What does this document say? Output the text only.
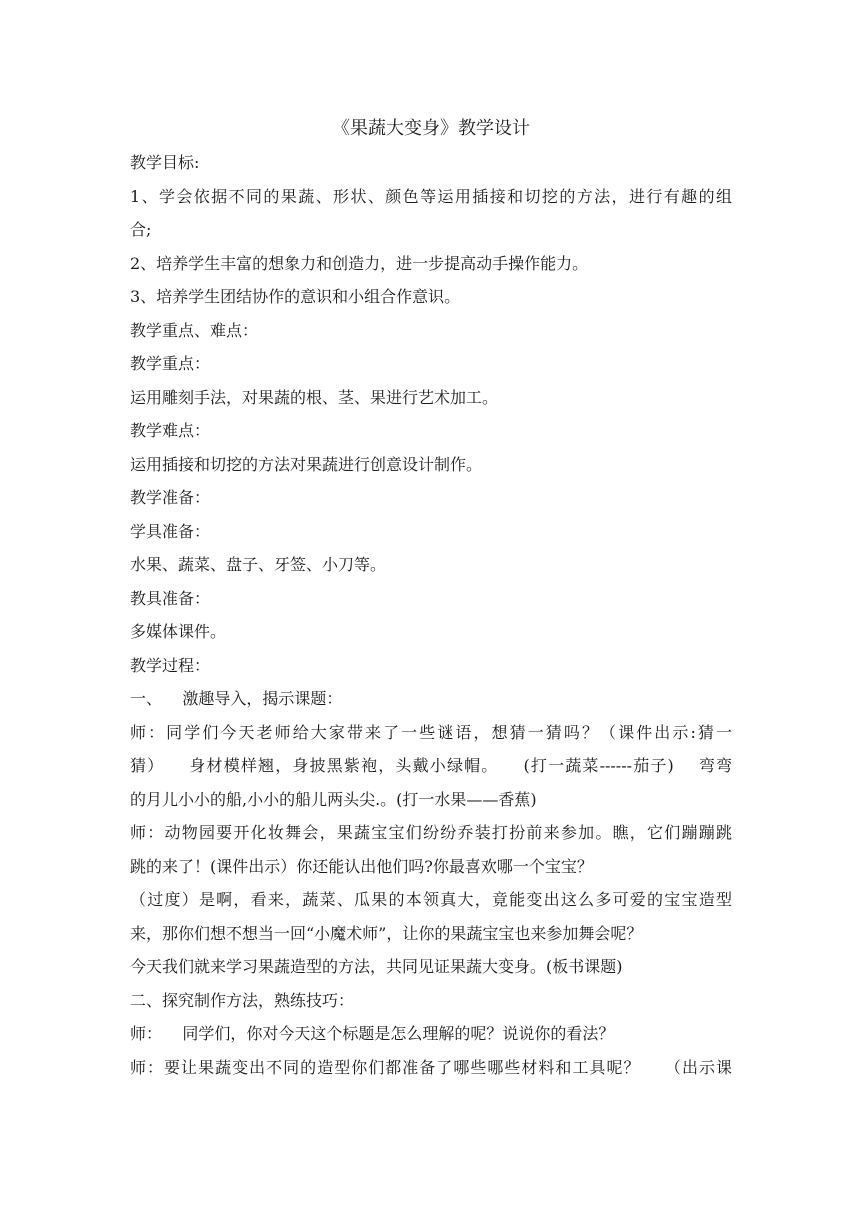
《果蔬大变身》教学设计

教学目标:

1、学会依据不同的果蔬、形状、颜色等运用插接和切挖的方法，进行有趣的组

合;

2、培养学生丰富的想象力和创造力，进一步提高动手操作能力。

3、培养学生团结协作的意识和小组合作意识。

教学重点、难点：

教学重点：

运用雕刻手法，对果蔬的根、茎、果进行艺术加工。

教学难点：

运用插接和切挖的方法对果蔬进行创意设计制作。

教学准备：

学具准备：

水果、蔬菜、盘子、牙签、小刀等。

教具准备：

多媒体课件。

教学过程：

一、    激趣导入，揭示课题：

师：同学们今天老师给大家带来了一些谜语，想猜一猜吗？（课件出示:猜一

猜）    身材模样翘，身披黑紫袍，头戴小绿帽。    (打一蔬菜------茄子)    弯弯

的月儿小小的船,小小的船儿两头尖.。(打一水果——香蕉)

师：动物园要开化妆舞会，果蔬宝宝们纷纷乔装打扮前来参加。瞧，它们蹦蹦跳

跳的来了！(课件出示）你还能认出他们吗?你最喜欢哪一个宝宝？

（过度）是啊，看来，蔬菜、瓜果的本领真大，竟能变出这么多可爱的宝宝造型

来，那你们想不想当一回“小魔术师”，让你的果蔬宝宝也来参加舞会呢？

今天我们就来学习果蔬造型的方法，共同见证果蔬大变身。(板书课题)

二、探究制作方法，熟练技巧：

师：    同学们，你对今天这个标题是怎么理解的呢？说说你的看法？

师：要让果蔬变出不同的造型你们都准备了哪些哪些材料和工具呢？    （出示课
